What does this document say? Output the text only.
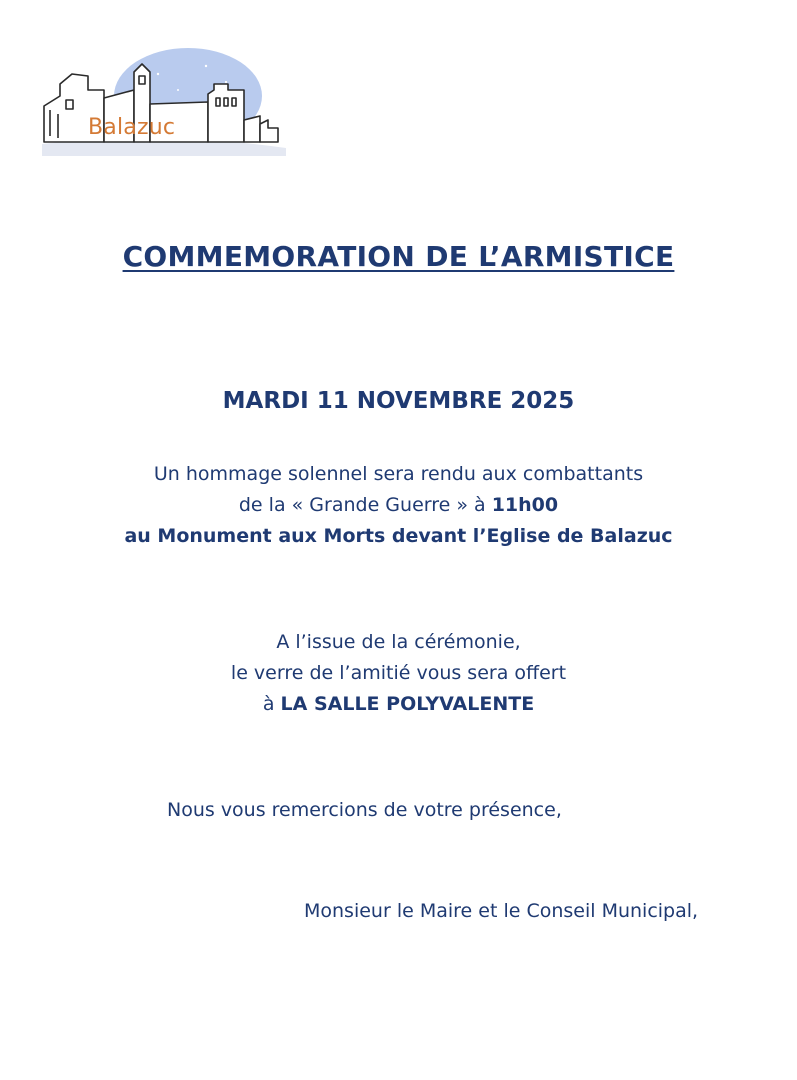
Balazuc
COMMEMORATION DE L’ARMISTICE
MARDI 11 NOVEMBRE 2025
Un hommage solennel sera rendu aux combattants
de la « Grande Guerre » à 11h00
au Monument aux Morts devant l’Eglise de Balazuc
A l’issue de la cérémonie,
le verre de l’amitié vous sera offert
à LA SALLE POLYVALENTE
Nous vous remercions de votre présence,
Monsieur le Maire et le Conseil Municipal,
